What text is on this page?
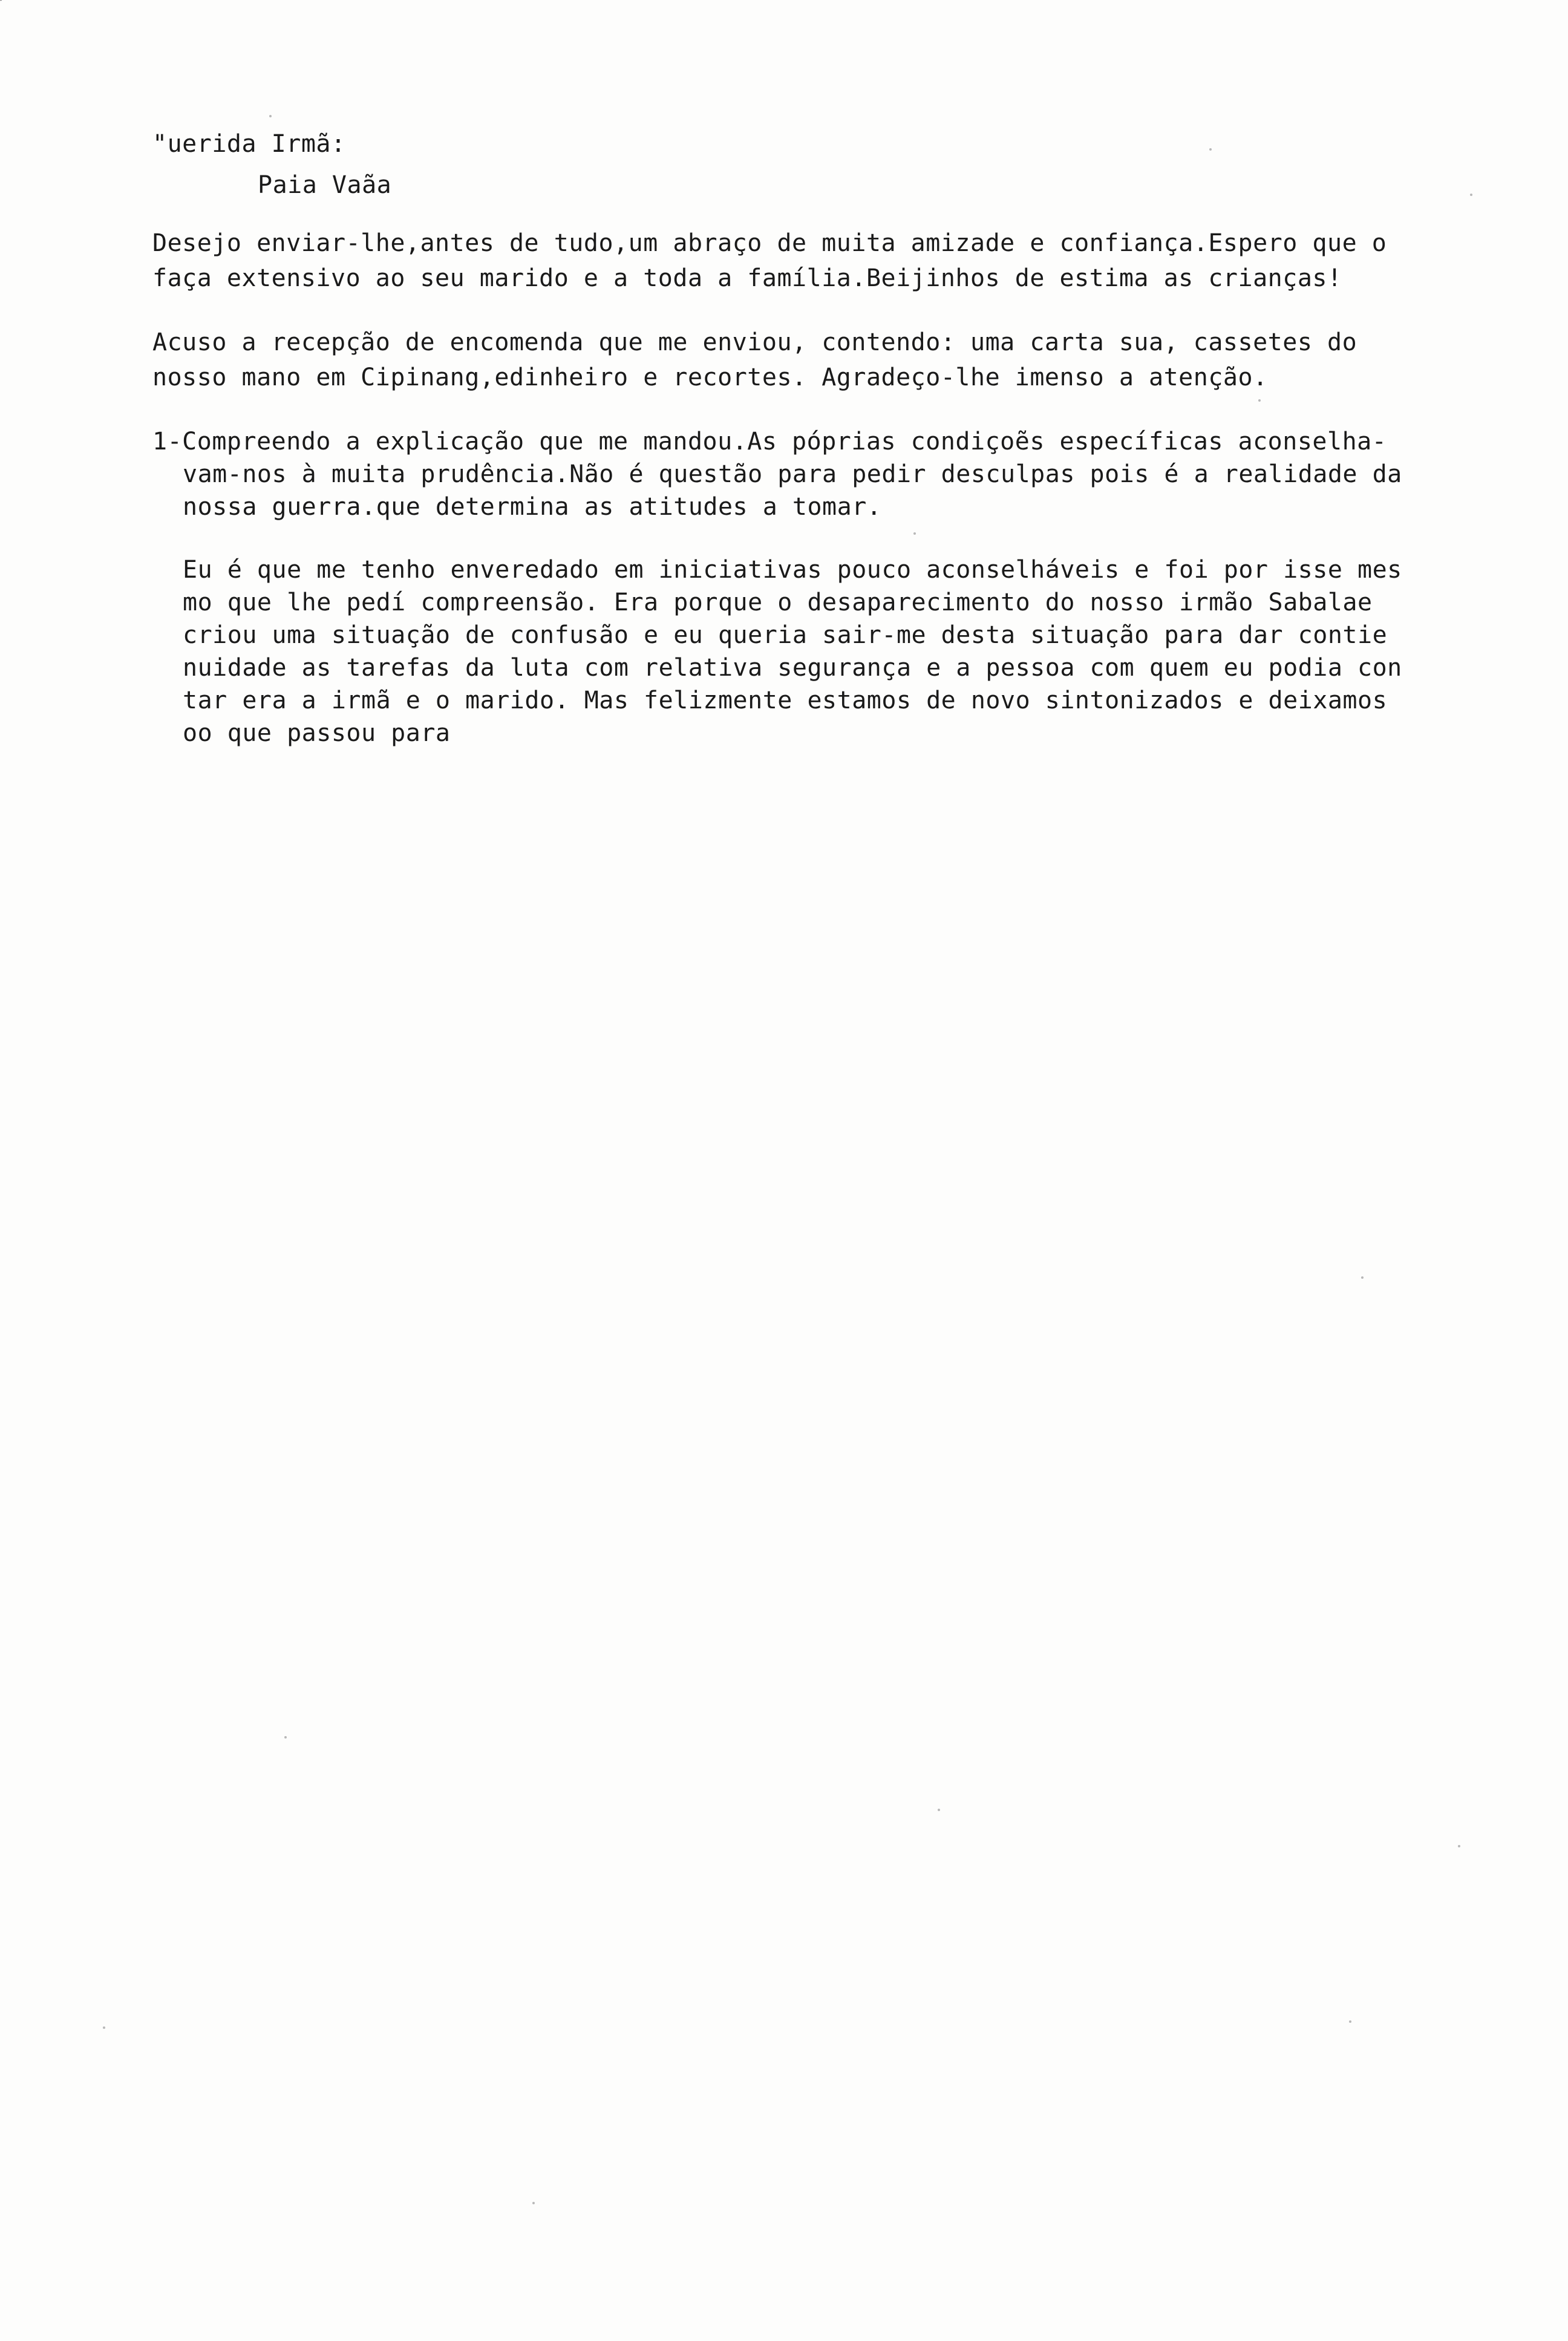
"uerida Irmã:

Paia Vaãa

Desejo enviar-lhe,antes de tudo,um abraço de muita amizade e confiança.Espero que o

faça extensivo ao seu marido e a toda a família.Beijinhos de estima as crianças!

Acuso a recepção de encomenda que me enviou, contendo: uma carta sua, cassetes do

nosso mano em Cipinang,edinheiro e recortes. Agradeço-lhe imenso a atenção.

1-Compreendo a explicação que me mandou.As póprias condiçoẽs específicas aconselha-

vam-nos à muita prudência.Não é questão para pedir desculpas pois é a realidade da

nossa guerra.que determina as atitudes a tomar.

Eu é que me tenho enveredado em iniciativas pouco aconselháveis e foi por isse mes

mo que lhe pedí compreensão. Era porque o desaparecimento do nosso irmão Sabalae

criou uma situação de confusão e eu queria sair-me desta situação para dar contie

nuidade as tarefas da luta com relativa segurança e a pessoa com quem eu podia con

tar era a irmã e o marido. Mas felizmente estamos de novo sintonizados e deixamos

oo que passou para
